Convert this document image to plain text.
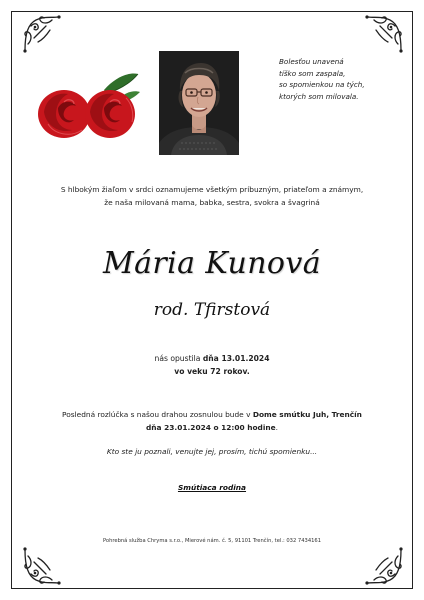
Bolesťou unavená
tíško som zaspala,
so spomienkou na tých,
ktorých som milovala.
S hlbokým žiaľom v srdci oznamujeme všetkým príbuzným, priateľom a známym,
že naša milovaná mama, babka, sestra, svokra a švagriná
Mária Kunová
rod. Tfirstová
nás opustila dňa 13.01.2024
vo veku 72 rokov.
Posledná rozlúčka s našou drahou zosnulou bude v Dome smútku Juh, Trenčín
dňa 23.01.2024 o 12:00 hodine.
Kto ste ju poznali, venujte jej, prosím, tichú spomienku...
Smútiaca rodina
Pohrebná služba Chryma s.r.o., Mierové nám. č. 5, 91101 Trenčín, tel.: 032 7434161
